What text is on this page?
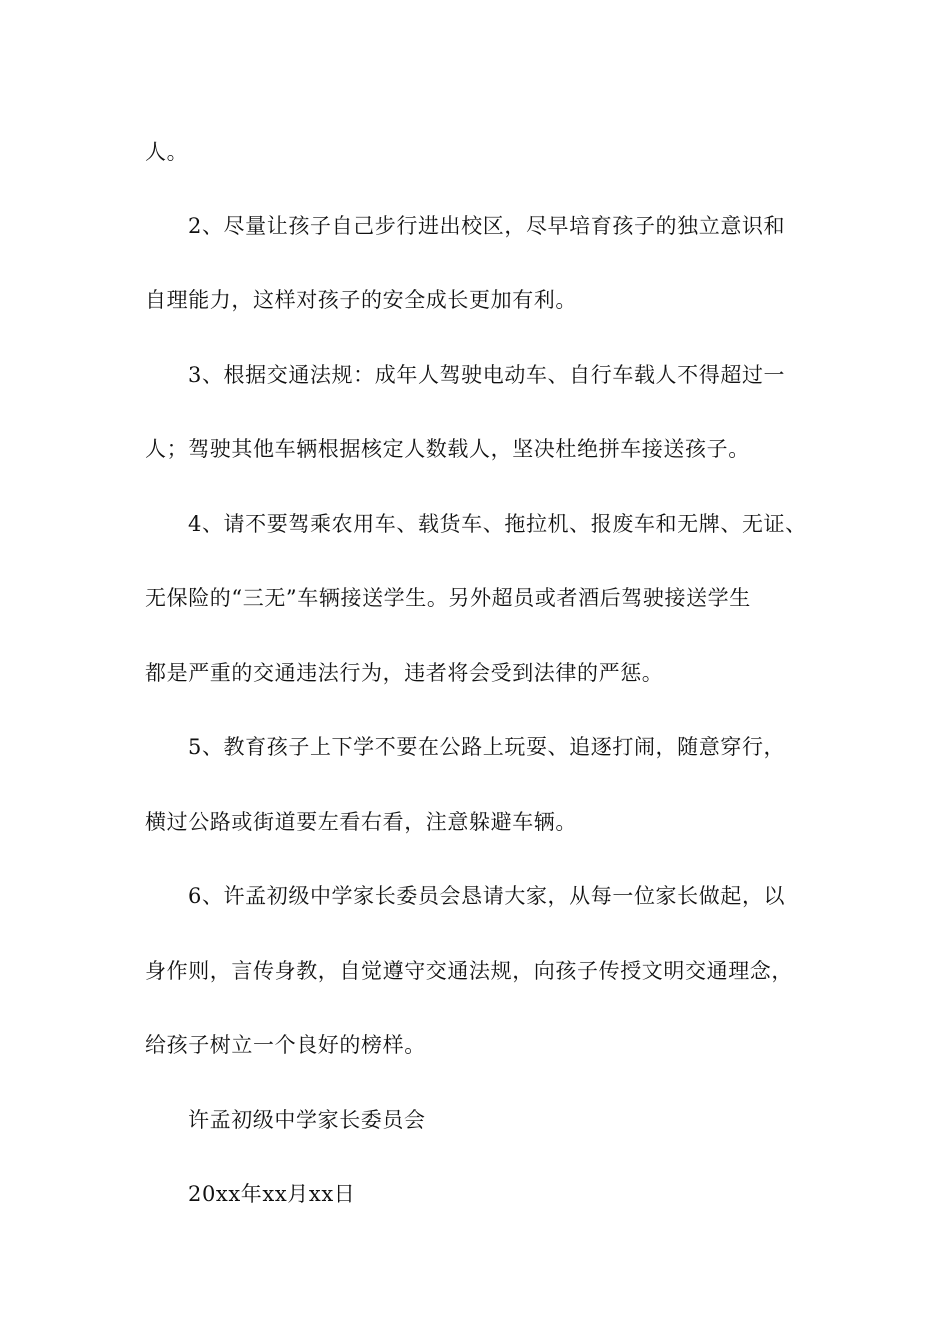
人。
2、尽量让孩子自己步行进出校区，尽早培育孩子的独立意识和
自理能力，这样对孩子的安全成长更加有利。
3、根据交通法规：成年人驾驶电动车、自行车载人不得超过一
人；驾驶其他车辆根据核定人数载人，坚决杜绝拼车接送孩子。
4、请不要驾乘农用车、载货车、拖拉机、报废车和无牌、无证、
无保险的“三无”车辆接送学生。另外超员或者酒后驾驶接送学生
都是严重的交通违法行为，违者将会受到法律的严惩。
5、教育孩子上下学不要在公路上玩耍、追逐打闹，随意穿行，
横过公路或街道要左看右看，注意躲避车辆。
6、许孟初级中学家长委员会恳请大家，从每一位家长做起，以
身作则，言传身教，自觉遵守交通法规，向孩子传授文明交通理念，
给孩子树立一个良好的榜样。
许孟初级中学家长委员会
20xx年xx月xx日
